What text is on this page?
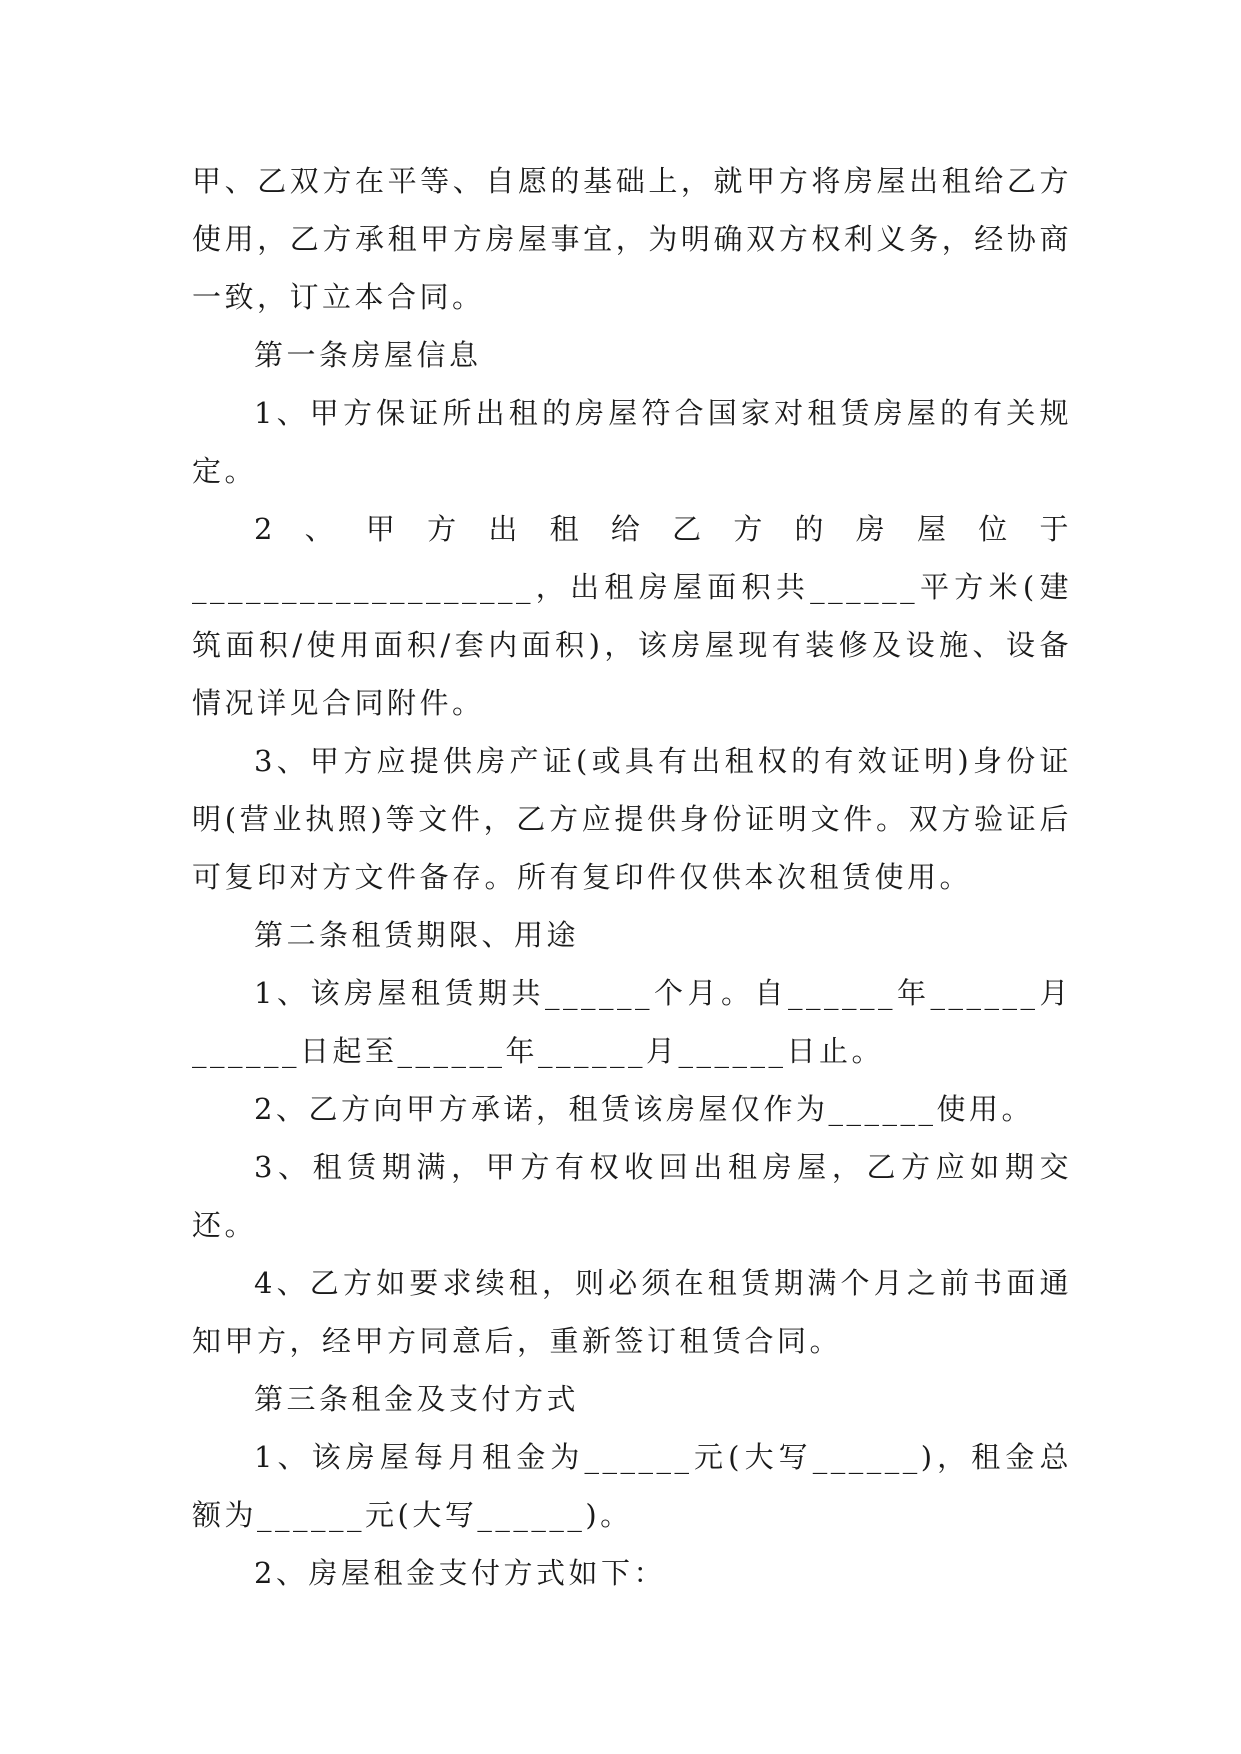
甲、乙双方在平等、自愿的基础上，就甲方将房屋出租给乙方使用，乙方承租甲方房屋事宜，为明确双方权利义务，经协商一致，订立本合同。

第一条房屋信息

1、甲方保证所出租的房屋符合国家对租赁房屋的有关规定。

2、甲方出租给乙方的房屋位于___________________，出租房屋面积共______平方米(建筑面积/使用面积/套内面积)，该房屋现有装修及设施、设备情况详见合同附件。

3、甲方应提供房产证(或具有出租权的有效证明)身份证明(营业执照)等文件，乙方应提供身份证明文件。双方验证后可复印对方文件备存。所有复印件仅供本次租赁使用。

第二条租赁期限、用途

1、该房屋租赁期共______个月。自______年______月______日起至______年______月______日止。

2、乙方向甲方承诺，租赁该房屋仅作为______使用。

3、租赁期满，甲方有权收回出租房屋，乙方应如期交还。

4、乙方如要求续租，则必须在租赁期满个月之前书面通知甲方，经甲方同意后，重新签订租赁合同。

第三条租金及支付方式

1、该房屋每月租金为______元(大写______)，租金总额为______元(大写______)。

2、房屋租金支付方式如下：
